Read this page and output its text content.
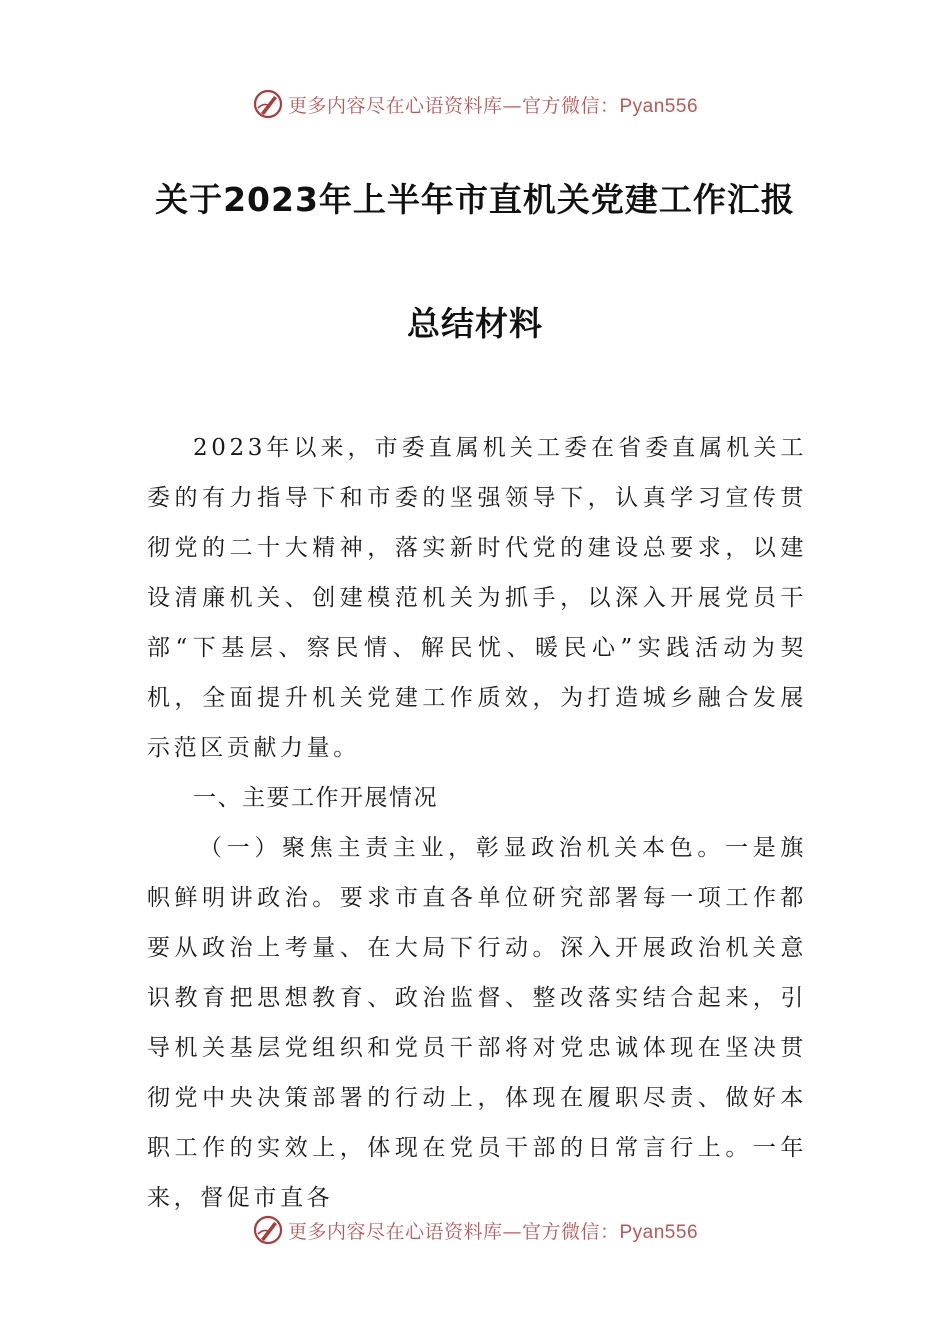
更多内容尽在心语资料库—官方微信：Pyan556
关于2023年上半年市直机关党建工作汇报
总结材料

2023年以来，市委直属机关工委在省委直属机关工委的有力指导下和市委的坚强领导下，认真学习宣传贯彻党的二十大精神，落实新时代党的建设总要求，以建设清廉机关、创建模范机关为抓手，以深入开展党员干部“下基层、察民情、解民忧、暖民心”实践活动为契机，全面提升机关党建工作质效，为打造城乡融合发展示范区贡献力量。

一、主要工作开展情况

（一）聚焦主责主业，彰显政治机关本色。一是旗帜鲜明讲政治。要求市直各单位研究部署每一项工作都要从政治上考量、在大局下行动。深入开展政治机关意识教育把思想教育、政治监督、整改落实结合起来，引导机关基层党组织和党员干部将对党忠诚体现在坚决贯彻党中央决策部署的行动上，体现在履职尽责、做好本职工作的实效上，体现在党员干部的日常言行上。一年来，督促市直各

更多内容尽在心语资料库—官方微信：Pyan556
